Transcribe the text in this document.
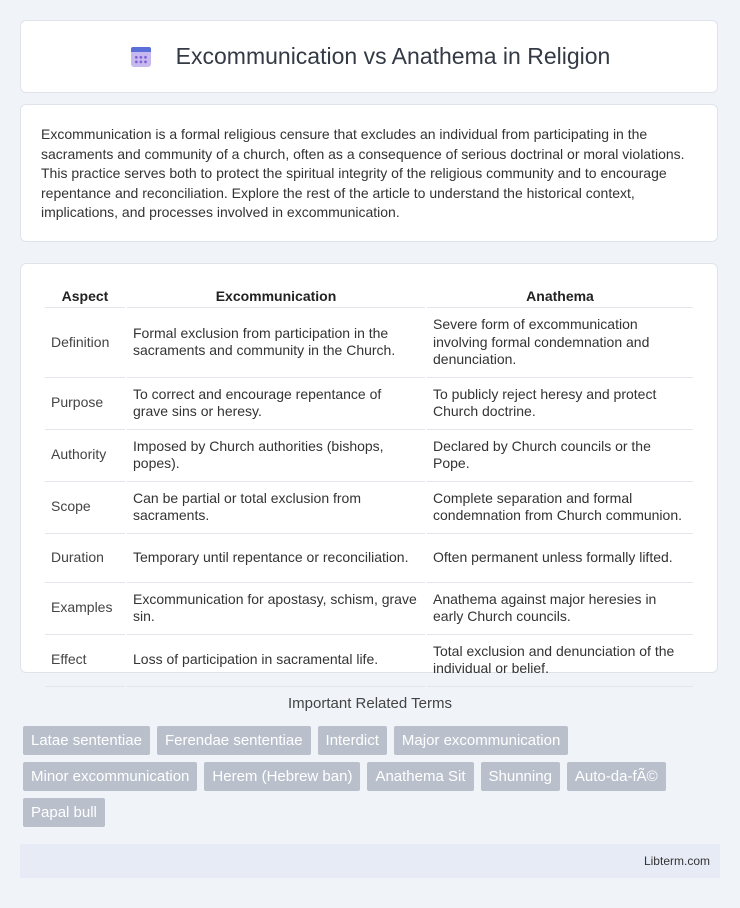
Excommunication vs Anathema in Religion

Excommunication is a formal religious censure that excludes an individual from participating in the sacraments and community of a church, often as a consequence of serious doctrinal or moral violations. This practice serves both to protect the spiritual integrity of the religious community and to encourage repentance and reconciliation. Explore the rest of the article to understand the historical context, implications, and processes involved in excommunication.

Aspect	Excommunication	Anathema
Definition	Formal exclusion from participation in the sacraments and community in the Church.	Severe form of excommunication involving formal condemnation and denunciation.
Purpose	To correct and encourage repentance of grave sins or heresy.	To publicly reject heresy and protect Church doctrine.
Authority	Imposed by Church authorities (bishops, popes).	Declared by Church councils or the Pope.
Scope	Can be partial or total exclusion from sacraments.	Complete separation and formal condemnation from Church communion.
Duration	Temporary until repentance or reconciliation.	Often permanent unless formally lifted.
Examples	Excommunication for apostasy, schism, grave sin.	Anathema against major heresies in early Church councils.
Effect	Loss of participation in sacramental life.	Total exclusion and denunciation of the individual or belief.
Important Related Terms
Latae sententiae	Ferendae sententiae	Interdict	Major excommunication
Minor excommunication	Herem (Hebrew ban)	Anathema Sit	Shunning	Auto-da-fÃ©
Papal bull
Libterm.com
